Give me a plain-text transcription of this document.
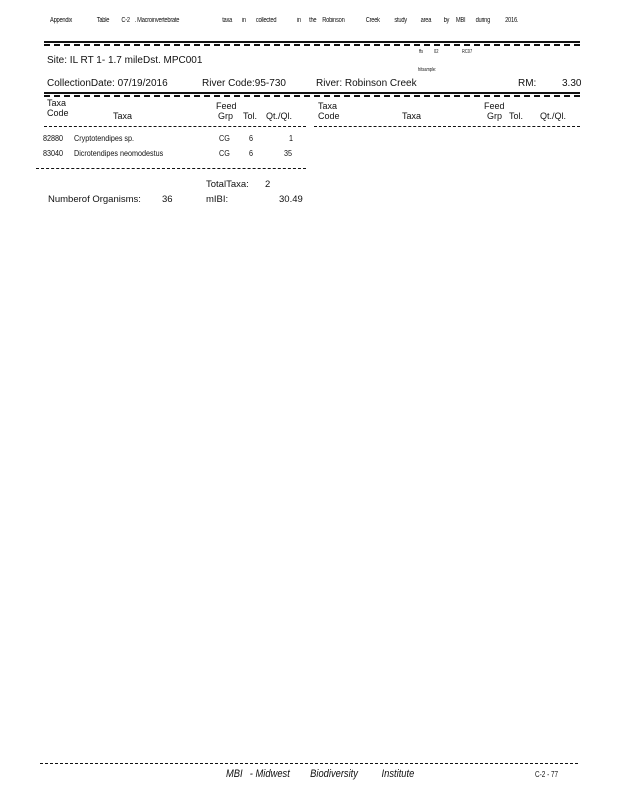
Appendix	Table C-2 . Macroinvertebrate	taxa in collected	in the Robinson	Creek study area by MBI during 2016.
ffs 02	RC07
hitsample:
Site: IL RT 1- 1.7 mileDst. MPC001
CollectionDate: 07/19/2016	River Code:95-730	River: Robinson Creek	RM:	3.30
Taxa
Code	Taxa
Feed
Grp Tol. Qt./Ql.
Taxa
Code	Taxa
Feed
Grp Tol. Qt./Ql.
82880 Cryptotendipes sp.	CG 6	1
83040 Dicrotendipes neomodestus	CG 6	35
TotalTaxa: 2
Numberof Organisms: 36	mIBI:	30.49
MBI - Midwest Biodiversity Institute	C-2 - 77
